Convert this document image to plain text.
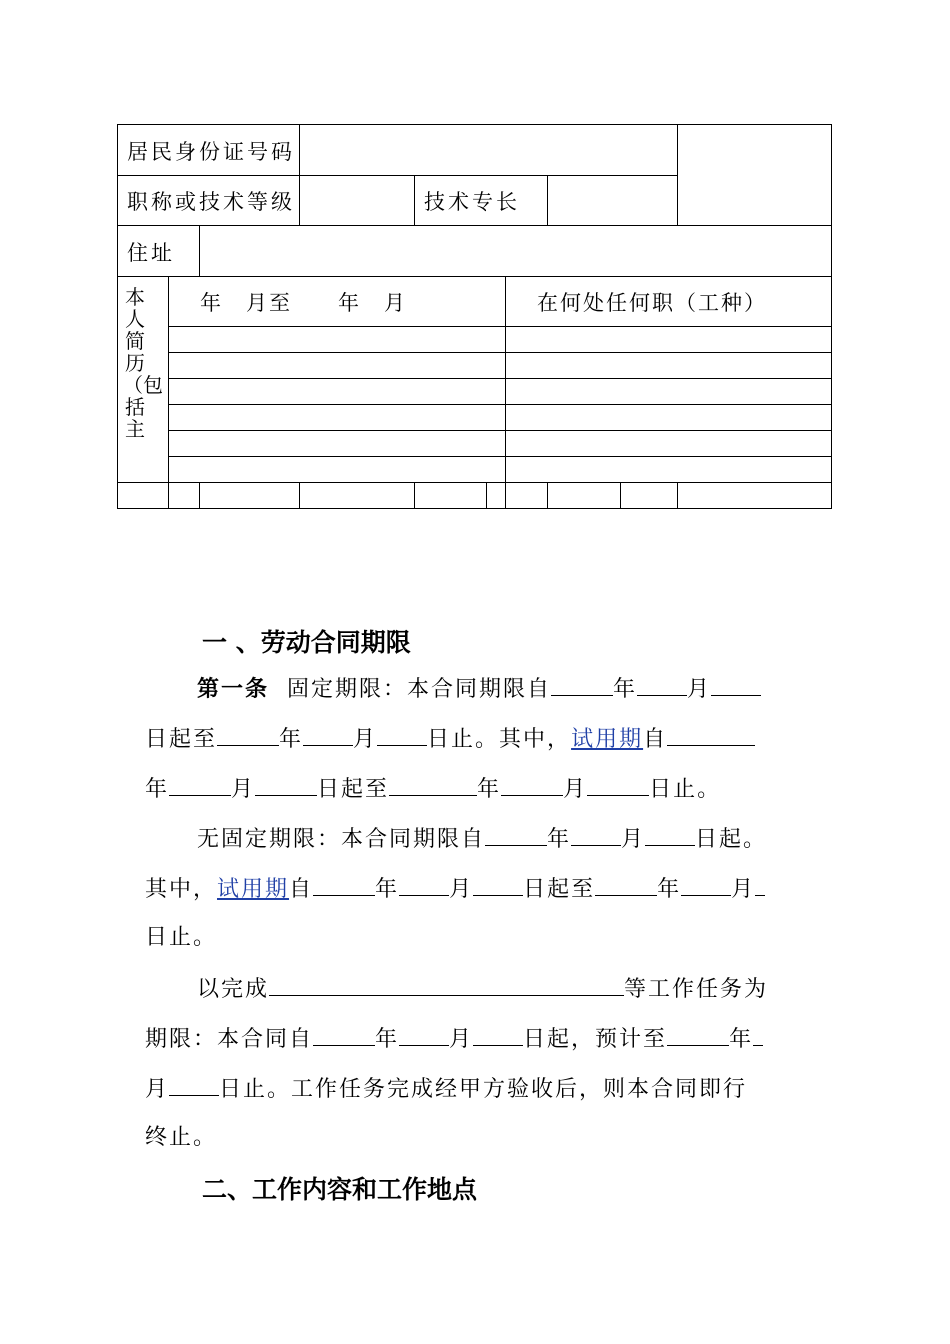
居民身份证号码
职称或技术等级	技术专长
住址
本人简历（包括主
年　月至　　年　月	在何处任何职（工种）
一 、劳动合同期限
第一条 固定期限：本合同期限自	年 月
日起至	年 月 日止。其中，试用期自
年	月	日起至	年	月	日止。
无固定期限：本合同期限自	年 月 日起。
其中，试用期自	年 月 日起至	年 月
日止。
以完成	等工作任务为
期限：本合同自	年 月 日起，预计至	年
月 日止。工作任务完成经甲方验收后，则本合同即行
终止。
二、工作内容和工作地点
